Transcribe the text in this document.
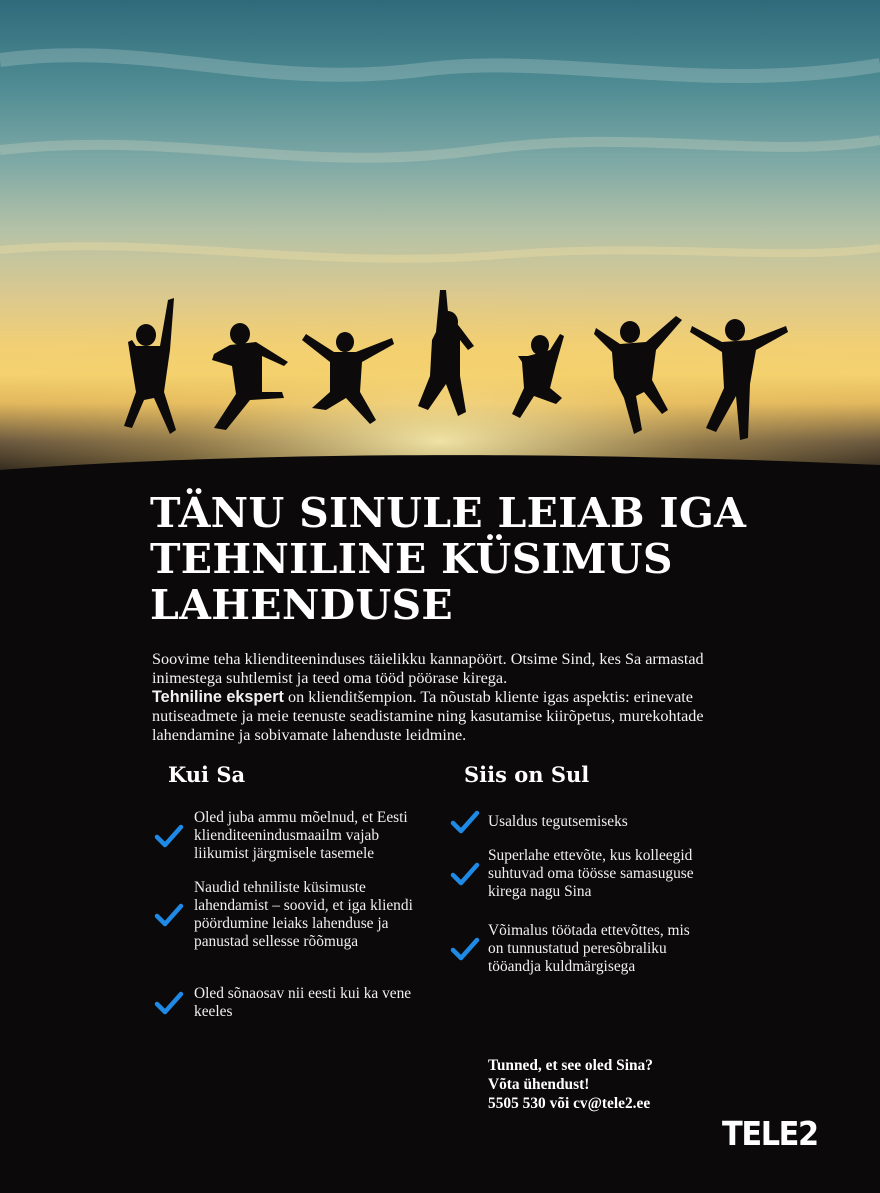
TÄNU SINULE LEIAB IGA
TEHNILINE KÜSIMUS
LAHENDUSE

Soovime teha klienditeeninduses täielikku kannapöört. Otsime Sind, kes Sa armastad inimestega suhtlemist ja teed oma tööd pöörase kirega.
Tehniline ekspert on klienditšempion. Ta nõustab kliente igas aspektis: erinevate nutiseadmete ja meie teenuste seadistamine ning kasutamise kiirõpetus, murekohtade lahendamine ja sobivamate lahenduste leidmine.

Kui Sa
Oled juba ammu mõelnud, et Eesti klienditeenindusmaailm vajab liikumist järgmisele tasemele
Naudid tehniliste küsimuste lahendamist – soovid, et iga kliendi pöördumine leiaks lahenduse ja panustad sellesse rõõmuga
Oled sõnaosav nii eesti kui ka vene keeles
Siis on Sul
Usaldus tegutsemiseks
Superlahe ettevõte, kus kolleegid suhtuvad oma töösse samasuguse kirega nagu Sina
Võimalus töötada ettevõttes, mis on tunnustatud peresõbraliku tööandja kuldmärgisega
Tunned, et see oled Sina?
Võta ühendust!
5505 530 või cv@tele2.ee
TELE2
